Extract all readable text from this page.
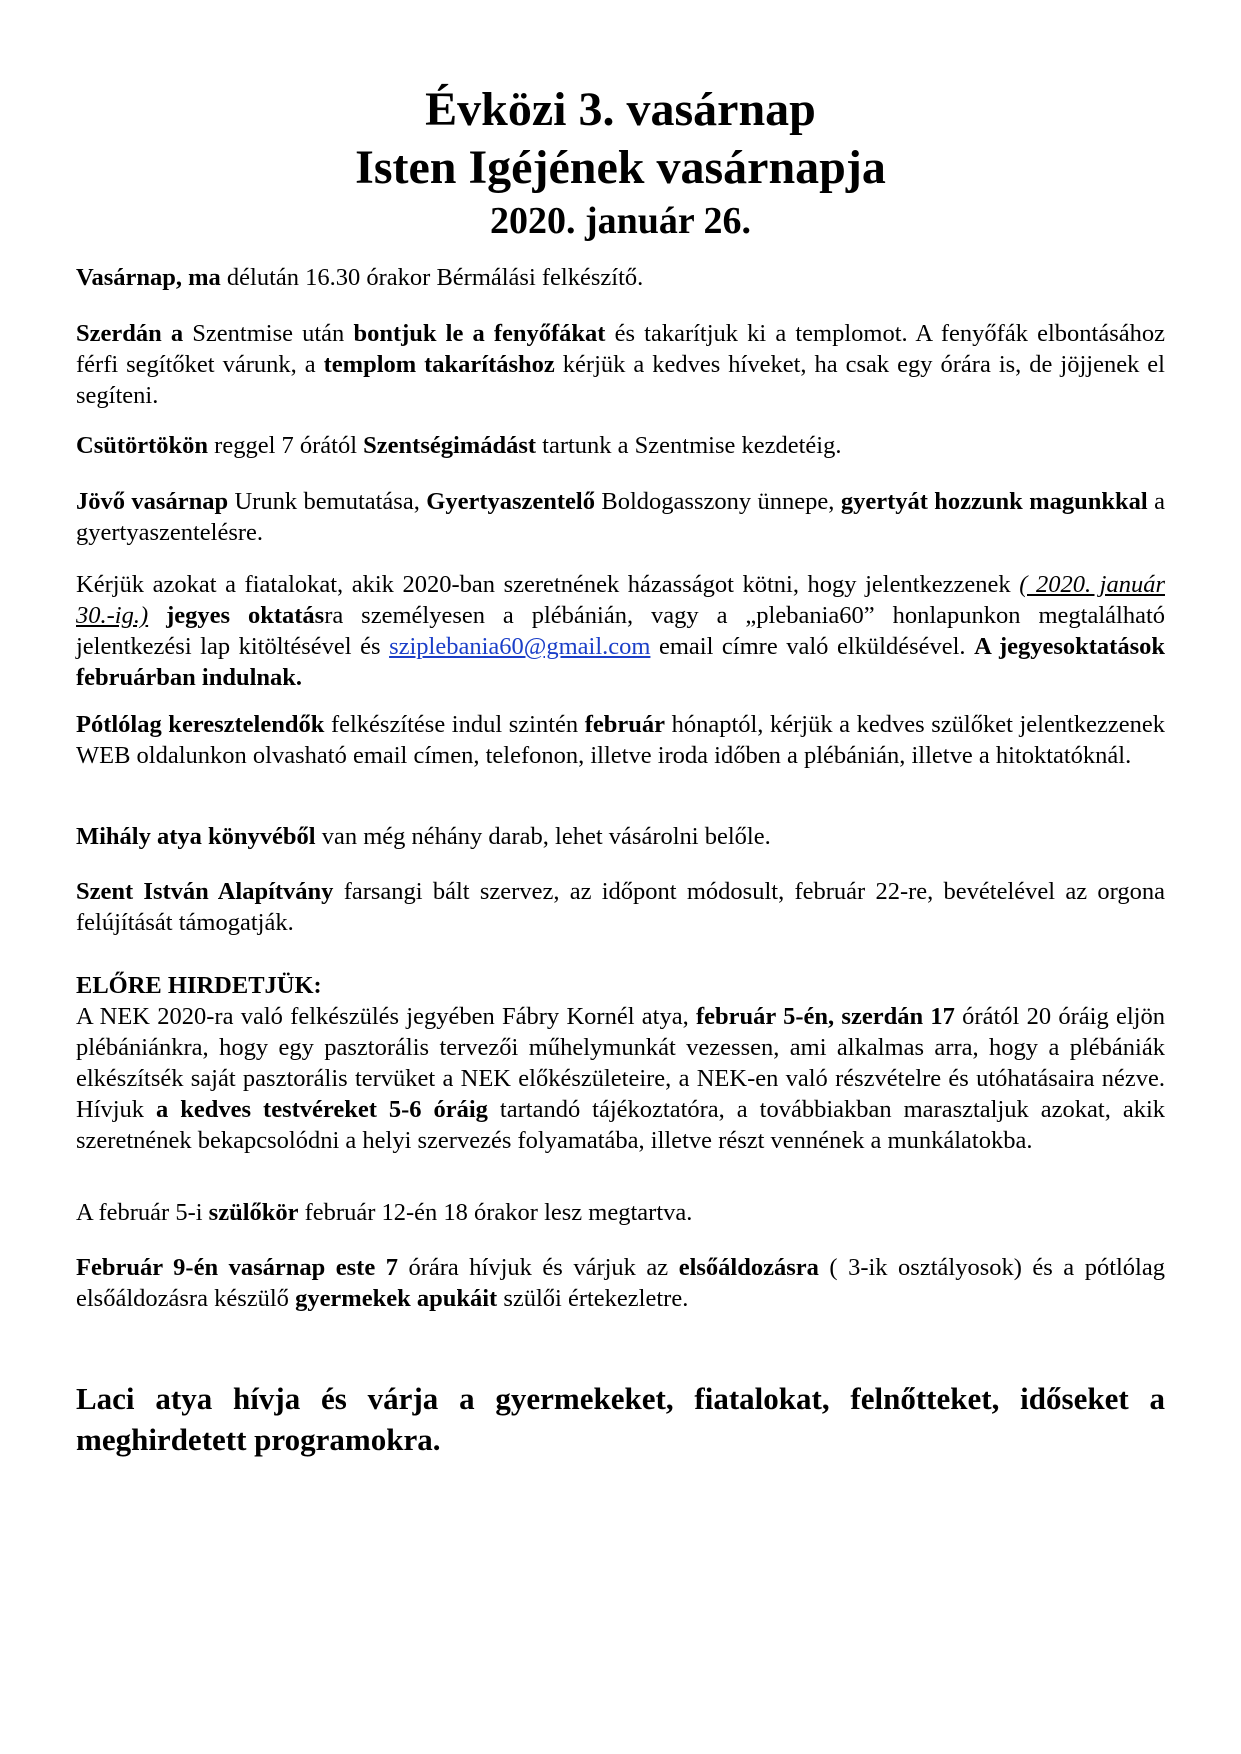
Évközi 3. vasárnap
Isten Igéjének vasárnapja
2020. január 26.

Vasárnap, ma délután 16.30 órakor Bérmálási felkészítő.

Szerdán a Szentmise után bontjuk le a fenyőfákat és takarítjuk ki a templomot. A fenyőfák elbontásához férfi segítőket várunk, a templom takarításhoz kérjük a kedves híveket, ha csak egy órára is, de jöjjenek el segíteni.

Csütörtökön reggel 7 órától Szentségimádást tartunk a Szentmise kezdetéig.

Jövő vasárnap Urunk bemutatása, Gyertyaszentelő Boldogasszony ünnepe, gyertyát hozzunk magunkkal a gyertyaszentelésre.

Kérjük azokat a fiatalokat, akik 2020-ban szeretnének házasságot kötni, hogy jelentkezzenek ( 2020. január 30.-ig.) jegyes oktatásra személyesen a plébánián, vagy a „plebania60” honlapunkon megtalálható jelentkezési lap kitöltésével és sziplebania60@gmail.com email címre való elküldésével. A jegyesoktatások februárban indulnak.

Pótlólag keresztelendők felkészítése indul szintén február hónaptól, kérjük a kedves szülőket jelentkezzenek WEB oldalunkon olvasható email címen, telefonon, illetve iroda időben a plébánián, illetve a hitoktatóknál.

Mihály atya könyvéből van még néhány darab, lehet vásárolni belőle.

Szent István Alapítvány farsangi bált szervez, az időpont módosult, február 22-re, bevételével az orgona felújítását támogatják.

ELŐRE HIRDETJÜK:

A NEK 2020-ra való felkészülés jegyében Fábry Kornél atya, február 5-én, szerdán 17 órától 20 óráig eljön plébániánkra, hogy egy pasztorális tervezői műhelymunkát vezessen, ami alkalmas arra, hogy a plébániák elkészítsék saját pasztorális tervüket a NEK előkészületeire, a NEK-en való részvételre és utóhatásaira nézve. Hívjuk a kedves testvéreket 5-6 óráig tartandó tájékoztatóra, a továbbiakban marasztaljuk azokat, akik szeretnének bekapcsolódni a helyi szervezés folyamatába, illetve részt vennének a munkálatokba.

A február 5-i szülőkör február 12-én 18 órakor lesz megtartva.

Február 9-én vasárnap este 7 órára hívjuk és várjuk az elsőáldozásra ( 3-ik osztályosok) és a pótlólag elsőáldozásra készülő gyermekek apukáit szülői értekezletre.

Laci atya hívja és várja a gyermekeket, fiatalokat, felnőtteket, időseket a meghirdetett programokra.
